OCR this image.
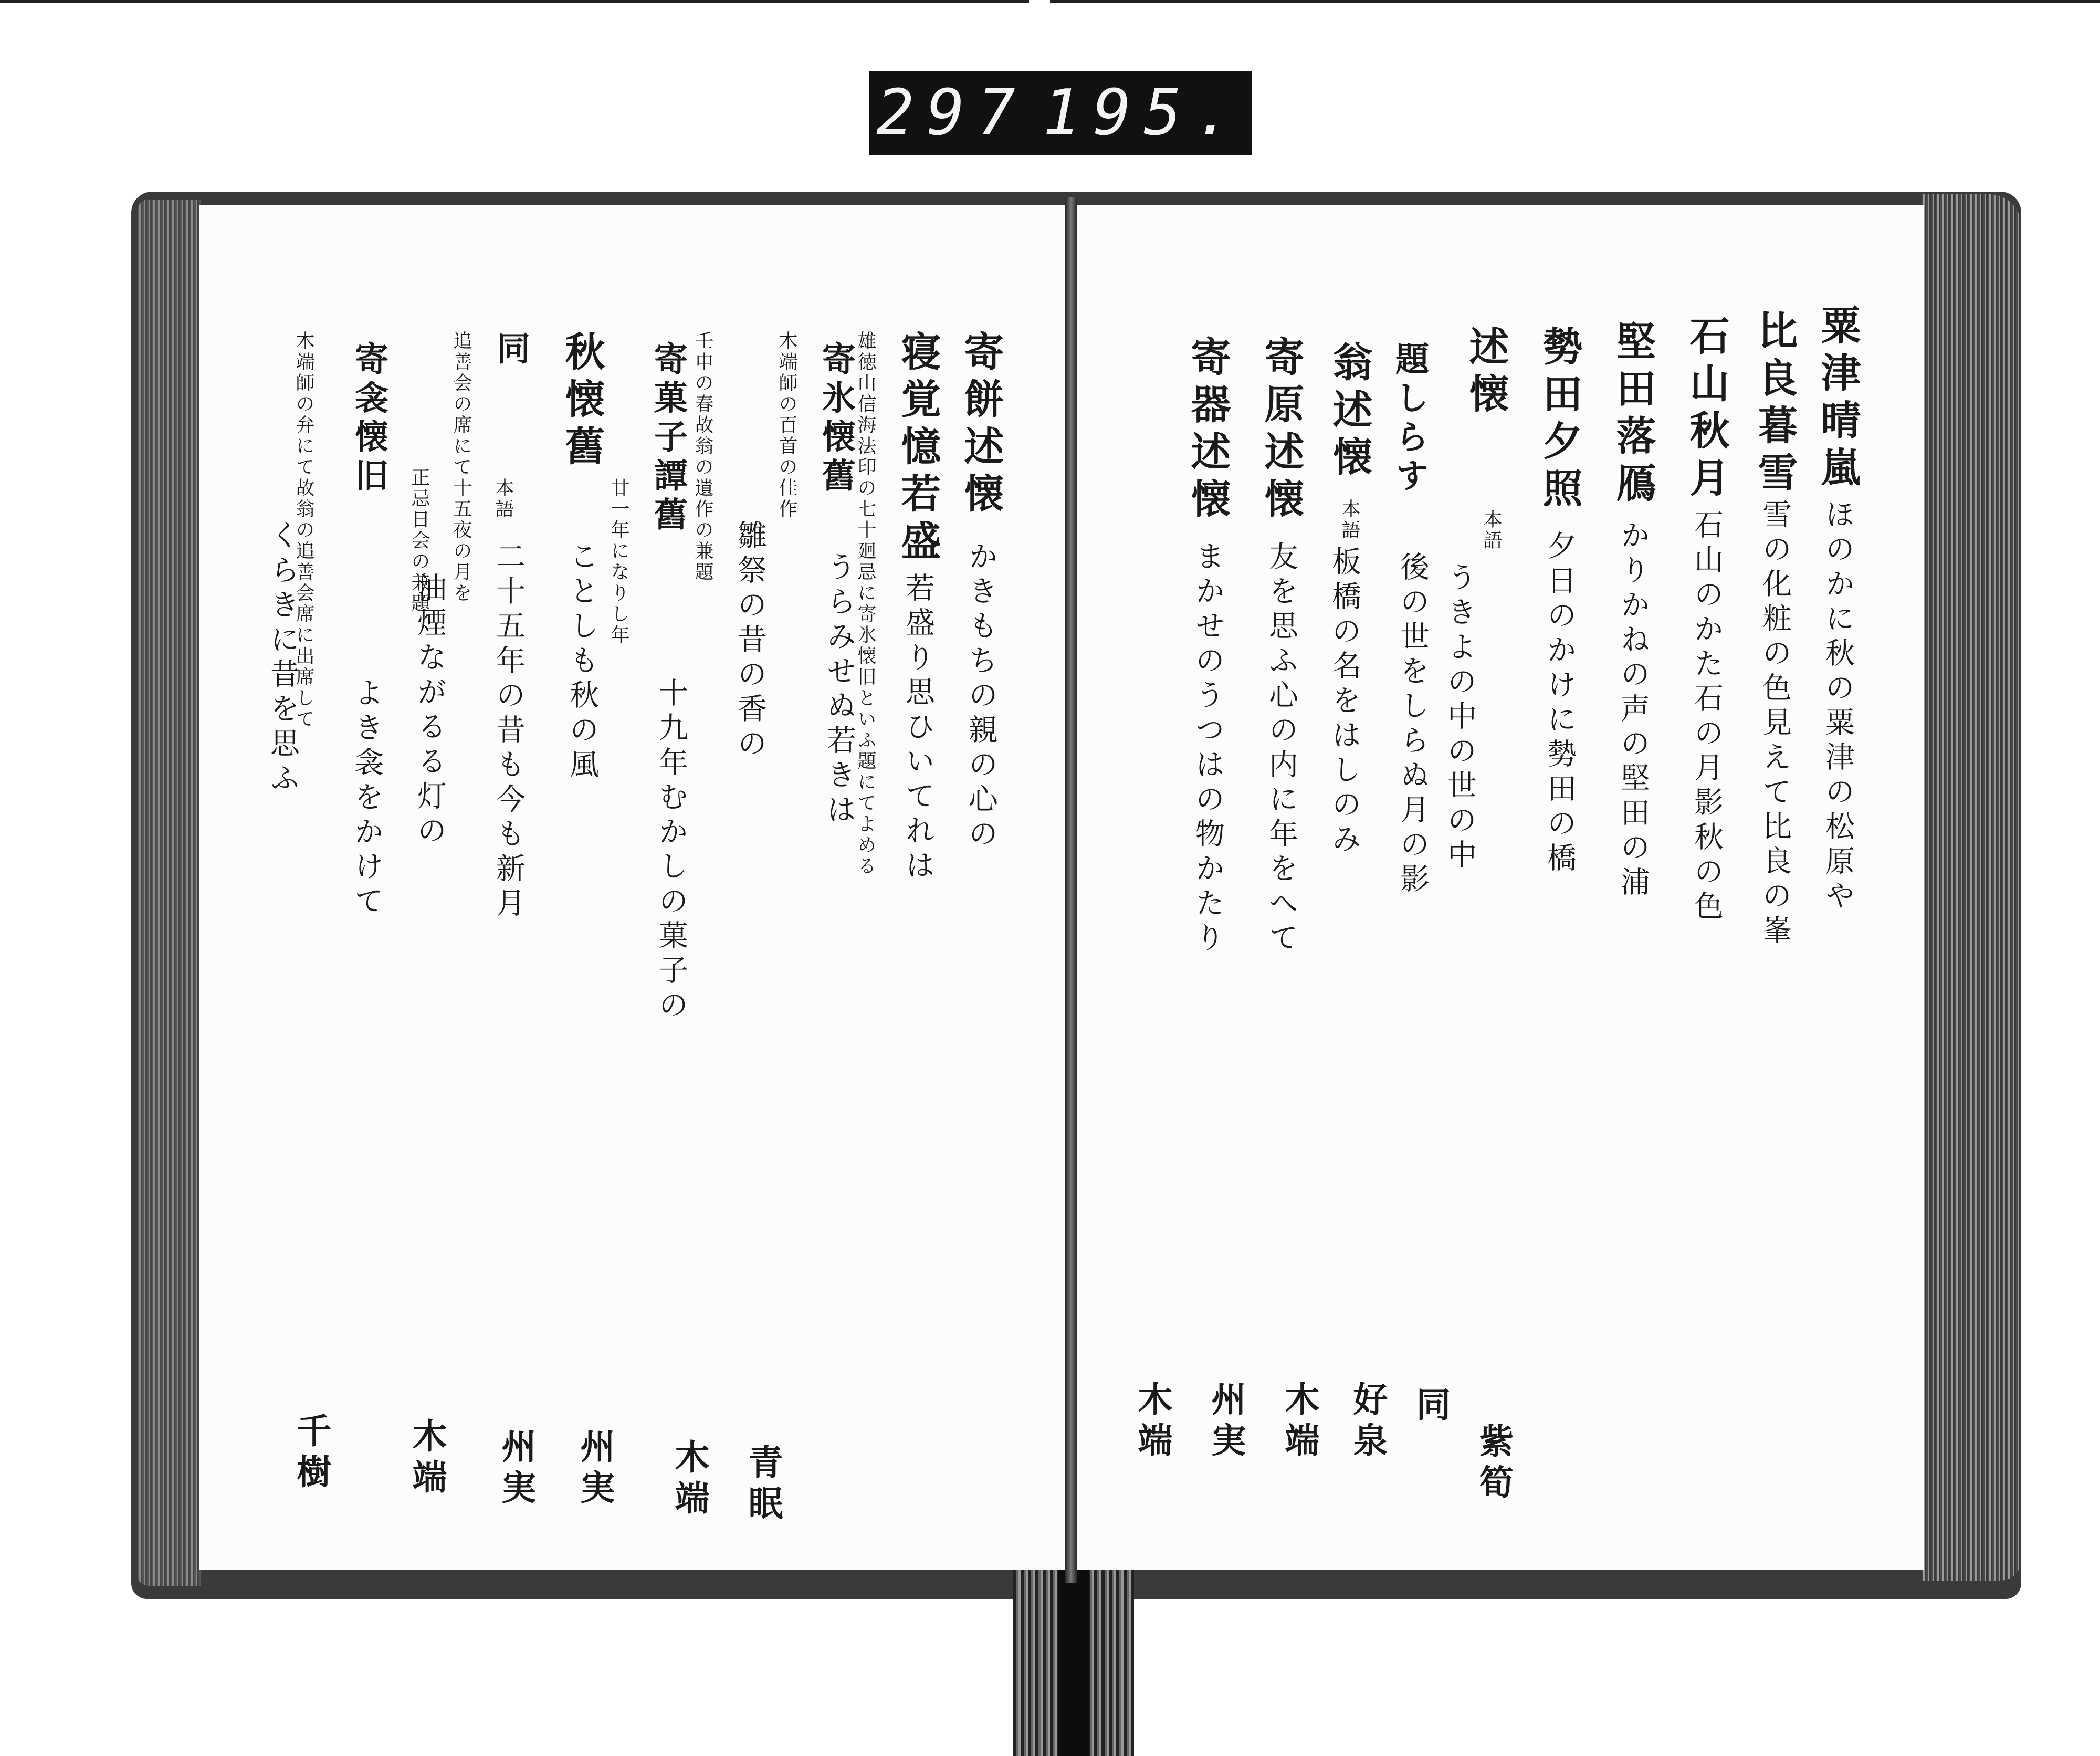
297 195.
寄餅述懐
かきもちの親の心の
寝覚憶若盛
若盛り思ひいてれは
雄徳山信海法印の七十廻忌に寄氷懐旧といふ題にてよめる
寄氷懐舊
うらみせぬ若きは
木端師の百首の佳作
雛祭の昔の香の
壬申の春故翁の遺作の兼題
寄菓子譚舊
十九年むかしの菓子の
廿一年になりし年
秋懐舊
ことしも秋の風
同
本語
追善会の席にて十五夜の月を
二十五年の昔も今も新月
正忌日会の兼題
油煙ながるる灯の
寄衾懐旧
よき衾をかけて
木端師の弁にて故翁の追善会席に出席して
くらきに昔を思ふ
青眠
木端
州実
州実
木端
千樹
粟津晴嵐
ほのかに秋の粟津の松原や
比良暮雪
雪の化粧の色見えて比良の峯
石山秋月
石山のかた石の月影秋の色
堅田落鴈
かりかねの声の堅田の浦
勢田夕照
夕日のかけに勢田の橋
述懐
本語
うきよの中の世の中
題しらす
後の世をしらぬ月の影
翁述懐
本語
板橋の名をはしのみ
寄原述懐
友を思ふ心の内に年をへて
寄器述懐
まかせのうつはの物かたり
紫筍
同
好泉
木端
州実
木端
